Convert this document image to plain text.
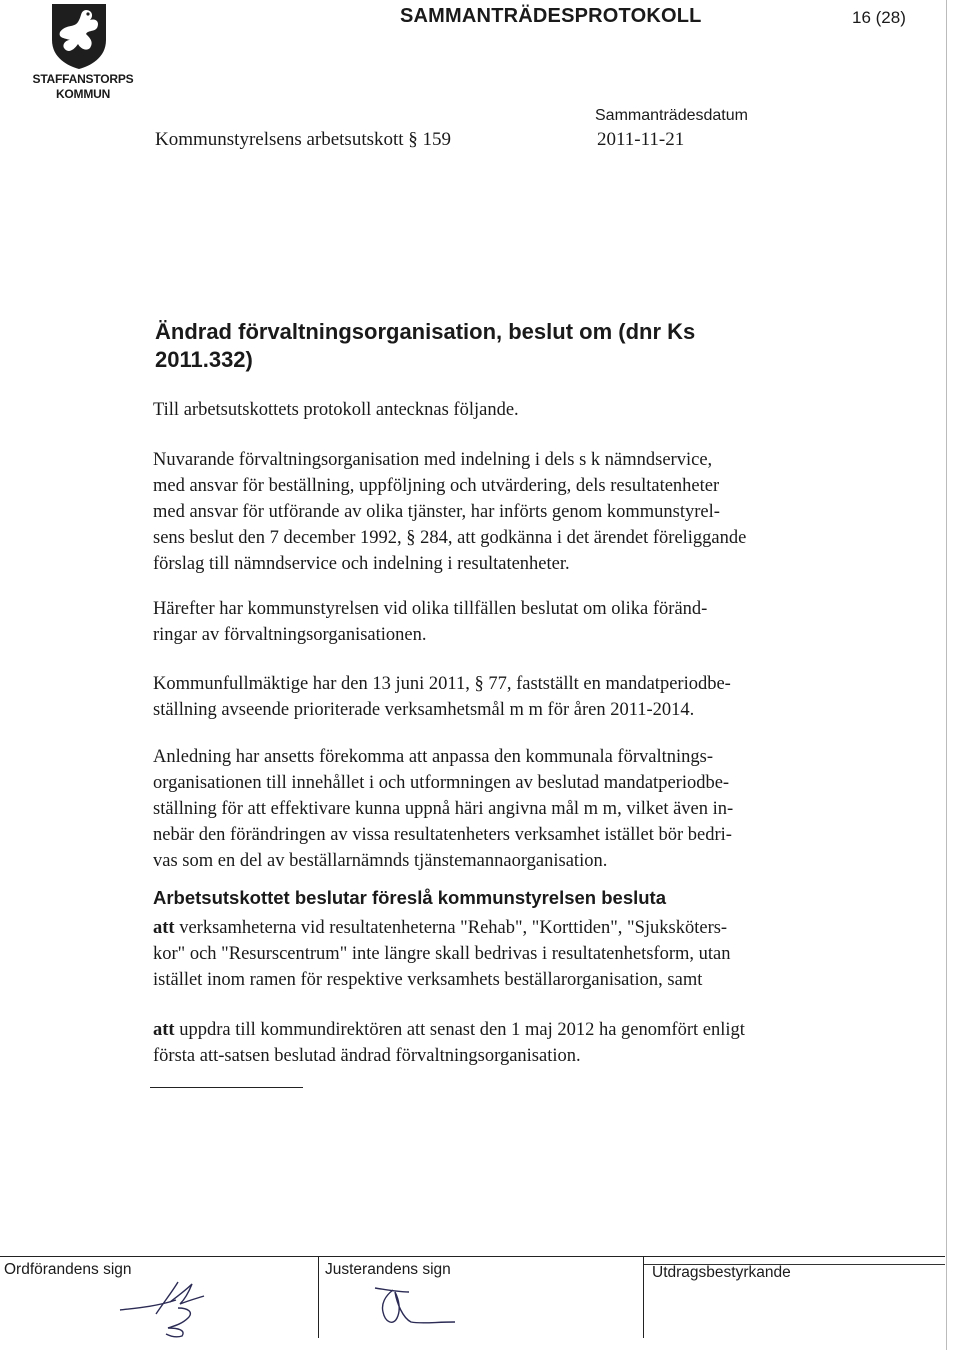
STAFFANSTORPS
KOMMUN
SAMMANTRÄDESPROTOKOLL	16 (28)
Kommunstyrelsens arbetsutskott § 159
Sammanträdesdatum
2011-11-21
Ändrad förvaltningsorganisation, beslut om (dnr Ks
2011.332)
Till arbetsutskottets protokoll antecknas följande.
Nuvarande förvaltningsorganisation med indelning i dels s k nämndservice,
med ansvar för beställning, uppföljning och utvärdering, dels resultatenheter
med ansvar för utförande av olika tjänster, har införts genom kommunstyrel-
sens beslut den 7 december 1992, § 284, att godkänna i det ärendet föreliggande
förslag till nämndservice och indelning i resultatenheter.
Härefter har kommunstyrelsen vid olika tillfällen beslutat om olika föränd-
ringar av förvaltningsorganisationen.
Kommunfullmäktige har den 13 juni 2011, § 77, fastställt en mandatperiodbe-
ställning avseende prioriterade verksamhetsmål m m för åren 2011-2014.
Anledning har ansetts förekomma att anpassa den kommunala förvaltnings-
organisationen till innehållet i och utformningen av beslutad mandatperiodbe-
ställning för att effektivare kunna uppnå häri angivna mål m m, vilket även in-
nebär den förändringen av vissa resultatenheters verksamhet istället bör bedri-
vas som en del av beställarnämnds tjänstemannaorganisation.
Arbetsutskottet beslutar föreslå kommunstyrelsen besluta
att verksamheterna vid resultatenheterna "Rehab", "Korttiden", "Sjuksköters-
kor" och "Resurscentrum" inte längre skall bedrivas i resultatenhetsform, utan
istället inom ramen för respektive verksamhets beställarorganisation, samt
att uppdra till kommundirektören att senast den 1 maj 2012 ha genomfört enligt
första att-satsen beslutad ändrad förvaltningsorganisation.
Ordförandens sign	Justerandens sign	Utdragsbestyrkande
